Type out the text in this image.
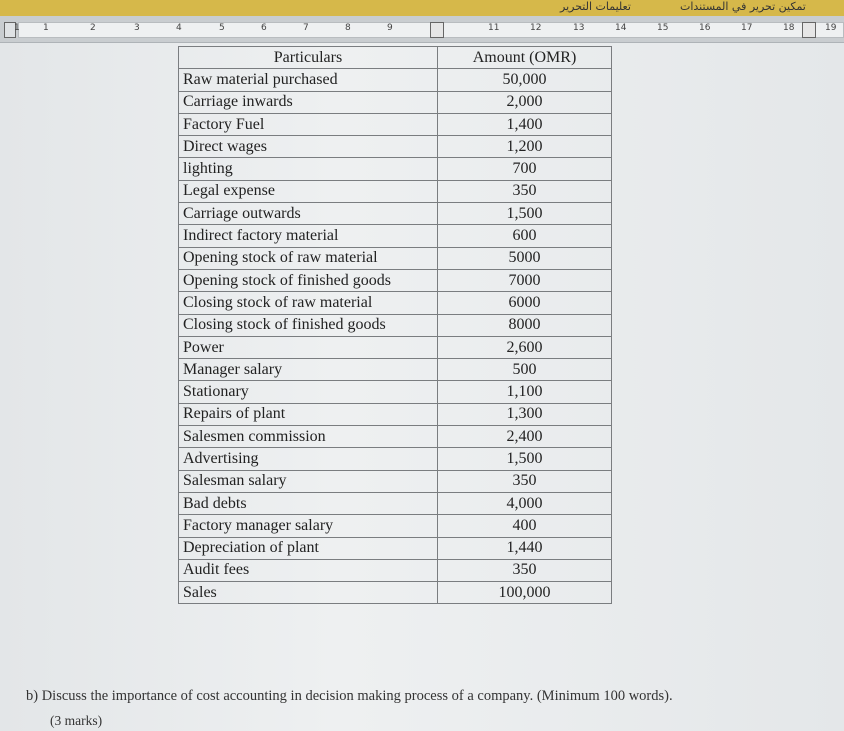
تعليمات التحرير	تمكين تحرير في المستندات
1	1	2	3	4	5	6	7	8	9	11	12	13	14	15	16	17	18	19
Particulars	Amount (OMR)
Raw material purchased	50,000
Carriage inwards	2,000
Factory Fuel	1,400
Direct wages	1,200
lighting	700
Legal expense	350
Carriage outwards	1,500
Indirect factory material	600
Opening stock of raw material	5000
Opening stock of finished goods	7000
Closing stock of raw material	6000
Closing stock of finished goods	8000
Power	2,600
Manager salary	500
Stationary	1,100
Repairs of plant	1,300
Salesmen commission	2,400
Advertising	1,500
Salesman salary	350
Bad debts	4,000
Factory manager salary	400
Depreciation of plant	1,440
Audit fees	350
Sales	100,000
b) Discuss the importance of cost accounting in decision making process of a company. (Minimum 100 words).
(3 marks)
